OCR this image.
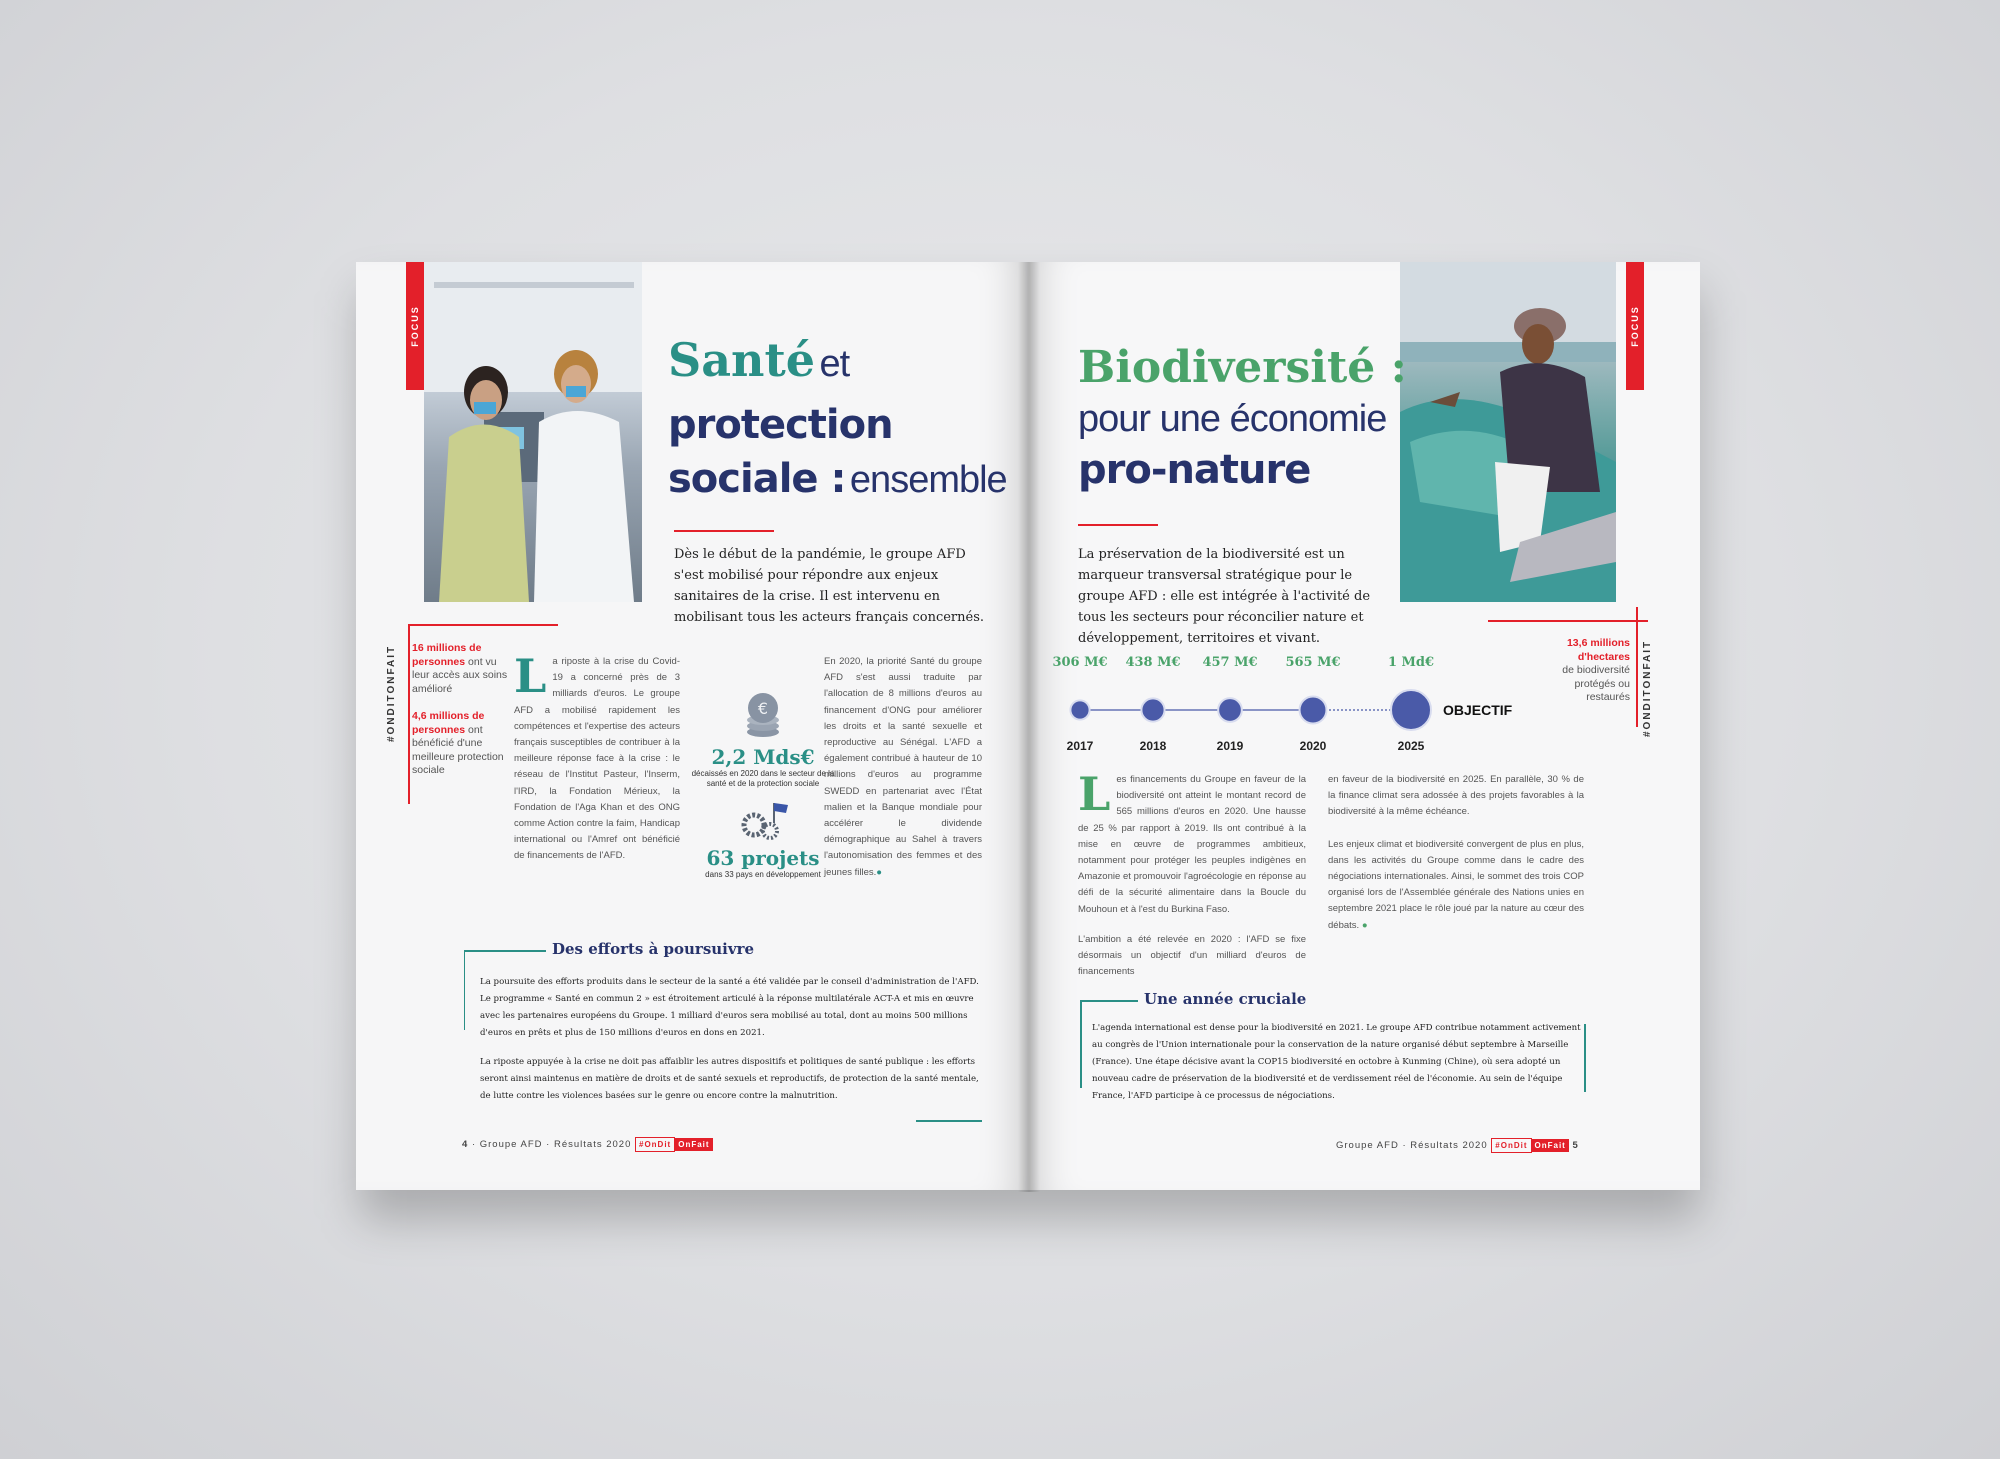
FOCUS
Santé et
protection
sociale : ensemble
Dès le début de la pandémie, le groupe AFD s'est mobilisé pour répondre aux enjeux sanitaires de la crise. Il est intervenu en mobilisant tous les acteurs français concernés.
#ONDITONFAIT 16 millions de personnes ont vu leur accès aux soins amélioré
4,6 millions de personnes ont bénéficié d'une meilleure protection sociale
La riposte à la crise du Covid-19 a concerné près de 3 milliards d'euros. Le groupe AFD a mobilisé rapidement les compétences et l'expertise des acteurs français susceptibles de contribuer à la meilleure réponse face à la crise : le réseau de l'Institut Pasteur, l'Inserm, l'IRD, la Fondation Mérieux, la Fondation de l'Aga Khan et des ONG comme Action contre la faim, Handicap international ou l'Amref ont bénéficié de financements de l'AFD.
En 2020, la priorité Santé du groupe AFD s'est aussi traduite par l'allocation de 8 millions d'euros au financement d'ONG pour améliorer les droits et la santé sexuelle et reproductive au Sénégal. L'AFD a également contribué à hauteur de 10 millions d'euros au programme SWEDD en partenariat avec l'État malien et la Banque mondiale pour accélérer le dividende démographique au Sahel à travers l'autonomisation des femmes et des jeunes filles.●
€
2,2 Mds€
décaissés en 2020 dans le secteur de la santé et de la protection sociale
63 projets
dans 33 pays en développement
Des efforts à poursuivre
La poursuite des efforts produits dans le secteur de la santé a été validée par le conseil d'administration de l'AFD. Le programme « Santé en commun 2 » est étroitement articulé à la réponse multilatérale ACT-A et mis en œuvre avec les partenaires européens du Groupe. 1 milliard d'euros sera mobilisé au total, dont au moins 500 millions d'euros en prêts et plus de 150 millions d'euros en dons en 2021.
La riposte appuyée à la crise ne doit pas affaiblir les autres dispositifs et politiques de santé publique : les efforts seront ainsi maintenus en matière de droits et de santé sexuels et reproductifs, de protection de la santé mentale, de lutte contre les violences basées sur le genre ou encore contre la malnutrition.
4 · Groupe AFD · Résultats 2020 #OnDit OnFait
FOCUS
Biodiversité :
pour une économie
pro-nature
La préservation de la biodiversité est un marqueur transversal stratégique pour le groupe AFD : elle est intégrée à l'activité de tous les secteurs pour réconcilier nature et développement, territoires et vivant.	13,6 millions d'hectares
de biodiversité protégés ou restaurés #ONDITONFAIT
306 M€
2017
438 M€
2018
457 M€
2019
565 M€
2020
1 Md€
2025
OBJECTIF
Les financements du Groupe en faveur de la biodiversité ont atteint le montant record de 565 millions d'euros en 2020. Une hausse de 25 % par rapport à 2019. Ils ont contribué à la mise en œuvre de programmes ambitieux, notamment pour protéger les peuples indigènes en Amazonie et promouvoir l'agroécologie en réponse au défi de la sécurité alimentaire dans la Boucle du Mouhoun et à l'est du Burkina Faso.
L'ambition a été relevée en 2020 : l'AFD se fixe désormais un objectif d'un milliard d'euros de financements
en faveur de la biodiversité en 2025. En parallèle, 30 % de la finance climat sera adossée à des projets favorables à la biodiversité à la même échéance.
Les enjeux climat et biodiversité convergent de plus en plus, dans les activités du Groupe comme dans le cadre des négociations internationales. Ainsi, le sommet des trois COP organisé lors de l'Assemblée générale des Nations unies en septembre 2021 place le rôle joué par la nature au cœur des débats. ●
Une année cruciale
L'agenda international est dense pour la biodiversité en 2021. Le groupe AFD contribue notamment activement au congrès de l'Union internationale pour la conservation de la nature organisé début septembre à Marseille (France). Une étape décisive avant la COP15 biodiversité en octobre à Kunming (Chine), où sera adopté un nouveau cadre de préservation de la biodiversité et de verdissement réel de l'économie. Au sein de l'équipe France, l'AFD participe à ce processus de négociations.
Groupe AFD · Résultats 2020 #OnDit OnFait 5
